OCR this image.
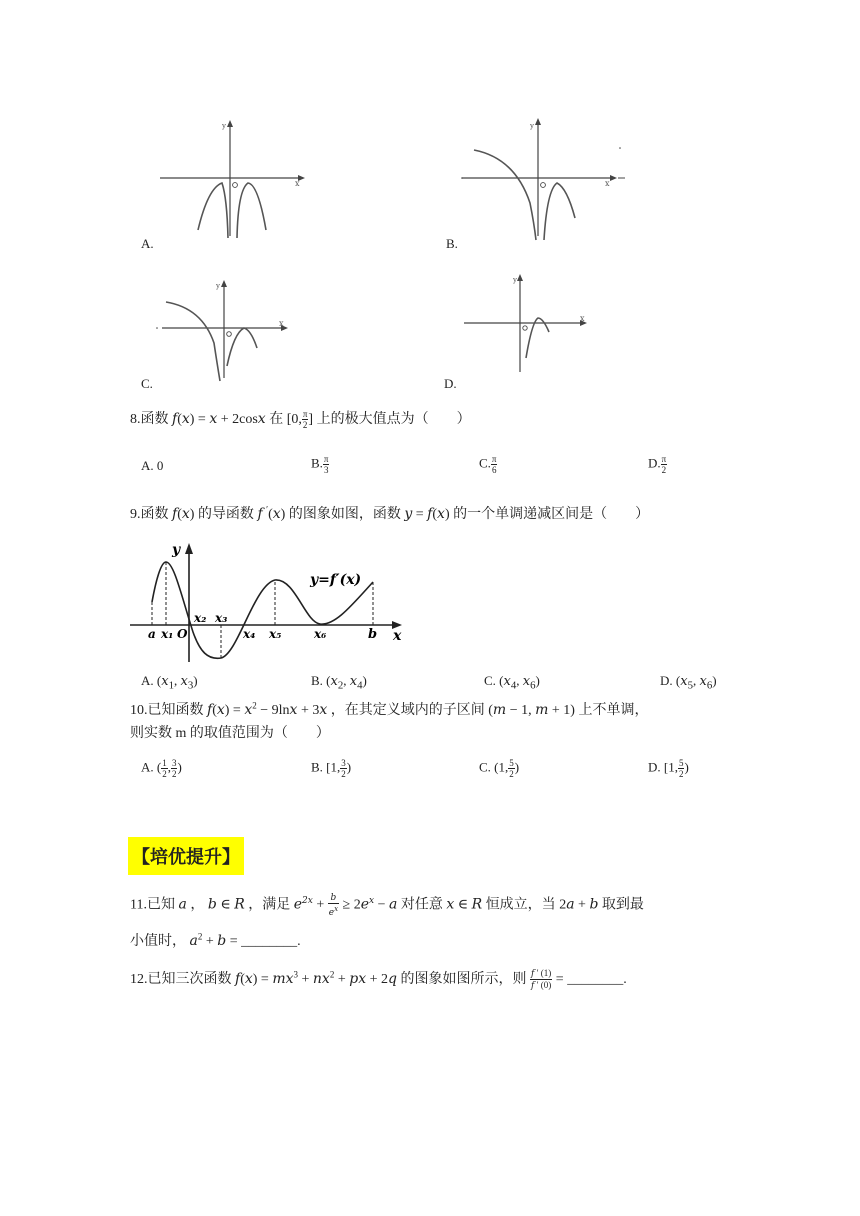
x
y
A.
x
y
B.
x
y
C.
x
y
D.
8.函数 f(x) = x + 2cosx 在 [0, $\frac{\pi}{2}$ ] 上的极大值点为（　　）
A. 0	B. $\frac{\pi}{3}$	C. $\frac{\pi}{6}$	D. $\frac{\pi}{2}$
9.函数 f(x) 的导函数 f ′(x) 的图象如图，函数 y = f(x) 的一个单调递减区间是（　　）
y
x
y=f′(x)
a x₁ O
x₂ x₃
x₄ x₅	x₆	b
A. ($x_1$, $x_3$)	B. ($x_2$, $x_4$)	C. ($x_4$, $x_6$)	D. ($x_5$, $x_6$)
10.已知函数 $f(x) = x^2 - 9\ln x + 3x$ ，在其定义域内的子区间 (m − 1, m + 1) 上不单调，
则实数 m 的取值范围为（　　）
A. ( $\frac{1}{2}$ , $\frac{3}{2}$ )	B. [1, $\frac{3}{2}$ )	C. (1, $\frac{5}{2}$ )	D. [1, $\frac{5}{2}$ )
【培优提升】
11.已知 a ， b ∈ R ，满足 $e^{2x} + \frac{b}{e^x} \ge 2e^x - a$ 对任意 x ∈ R 恒成立，当 2a + b 取到最
小值时， $a^2 + b$ = ________.
12.已知三次函数 $f(x) = mx^3 + nx^2$ + px + 2q 的图象如图所示，则 $\frac{f ' (1)}{f ' (0)}$ = ________.
